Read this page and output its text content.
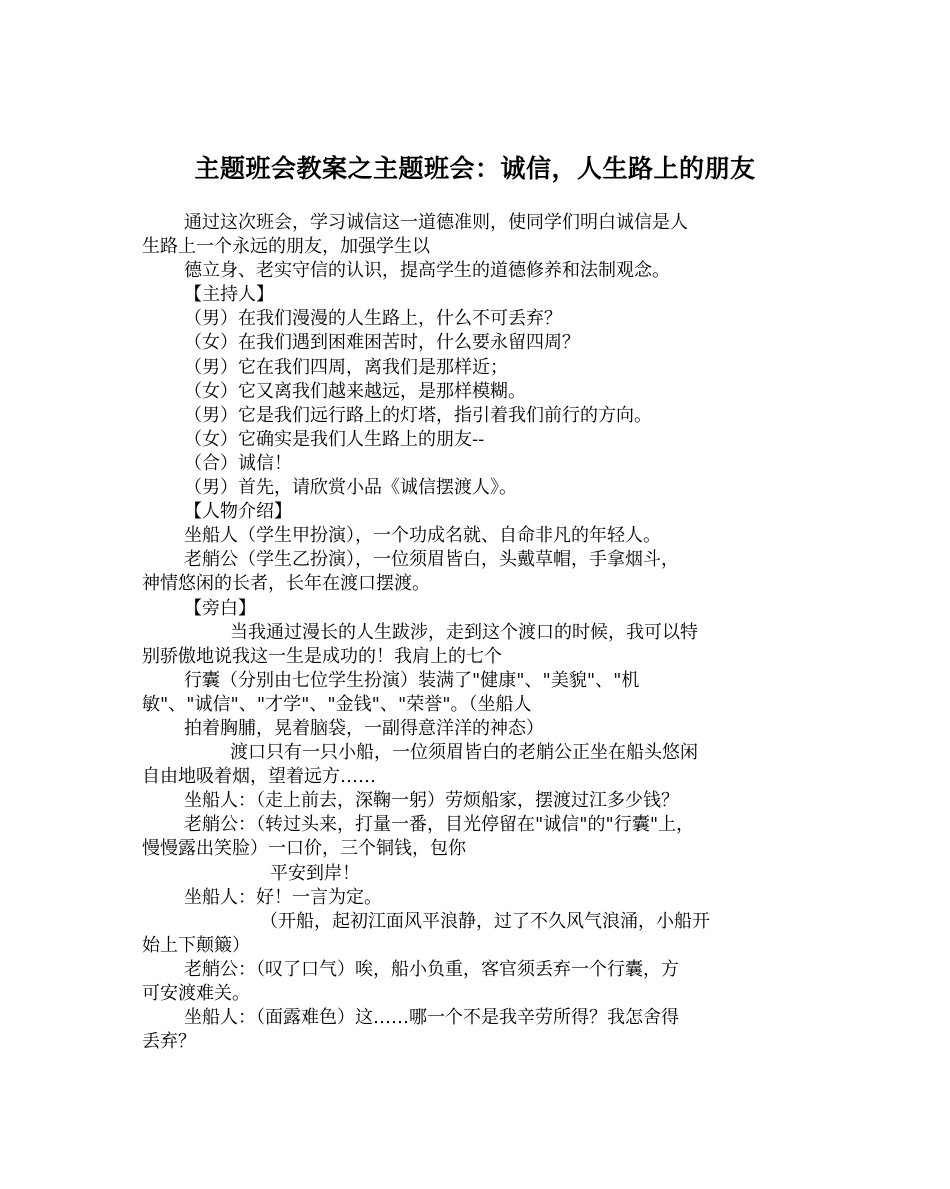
主题班会教案之主题班会：诚信，人生路上的朋友

通过这次班会，学习诚信这一道德准则，使同学们明白诚信是人

生路上一个永远的朋友，加强学生以

德立身、老实守信的认识，提高学生的道德修养和法制观念。

【主持人】

（男）在我们漫漫的人生路上，什么不可丢弃？

（女）在我们遇到困难困苦时，什么要永留四周？

（男）它在我们四周，离我们是那样近；

（女）它又离我们越来越远，是那样模糊。

（男）它是我们远行路上的灯塔，指引着我们前行的方向。

（女）它确实是我们人生路上的朋友--

（合）诚信！

（男）首先，请欣赏小品《诚信摆渡人》。

【人物介绍】

坐船人（学生甲扮演），一个功成名就、自命非凡的年轻人。

老艄公（学生乙扮演），一位须眉皆白，头戴草帽，手拿烟斗，

神情悠闲的长者，长年在渡口摆渡。

【旁白】

当我通过漫长的人生跋涉，走到这个渡口的时候，我可以特

别骄傲地说我这一生是成功的！我肩上的七个

行囊（分别由七位学生扮演）装满了"健康"、"美貌"、"机

敏"、"诚信"、"才学"、"金钱"、"荣誉"。（坐船人

拍着胸脯，晃着脑袋，一副得意洋洋的神态）

渡口只有一只小船，一位须眉皆白的老艄公正坐在船头悠闲

自由地吸着烟，望着远方……

坐船人：（走上前去，深鞠一躬）劳烦船家，摆渡过江多少钱？

老艄公：（转过头来，打量一番，目光停留在"诚信"的"行囊"上，

慢慢露出笑脸）一口价，三个铜钱，包你

平安到岸！

坐船人：好！一言为定。

（开船，起初江面风平浪静，过了不久风气浪涌，小船开

始上下颠簸）

老艄公：（叹了口气）唉，船小负重，客官须丢弃一个行囊，方

可安渡难关。

坐船人：（面露难色）这……哪一个不是我辛劳所得？我怎舍得

丢弃？
